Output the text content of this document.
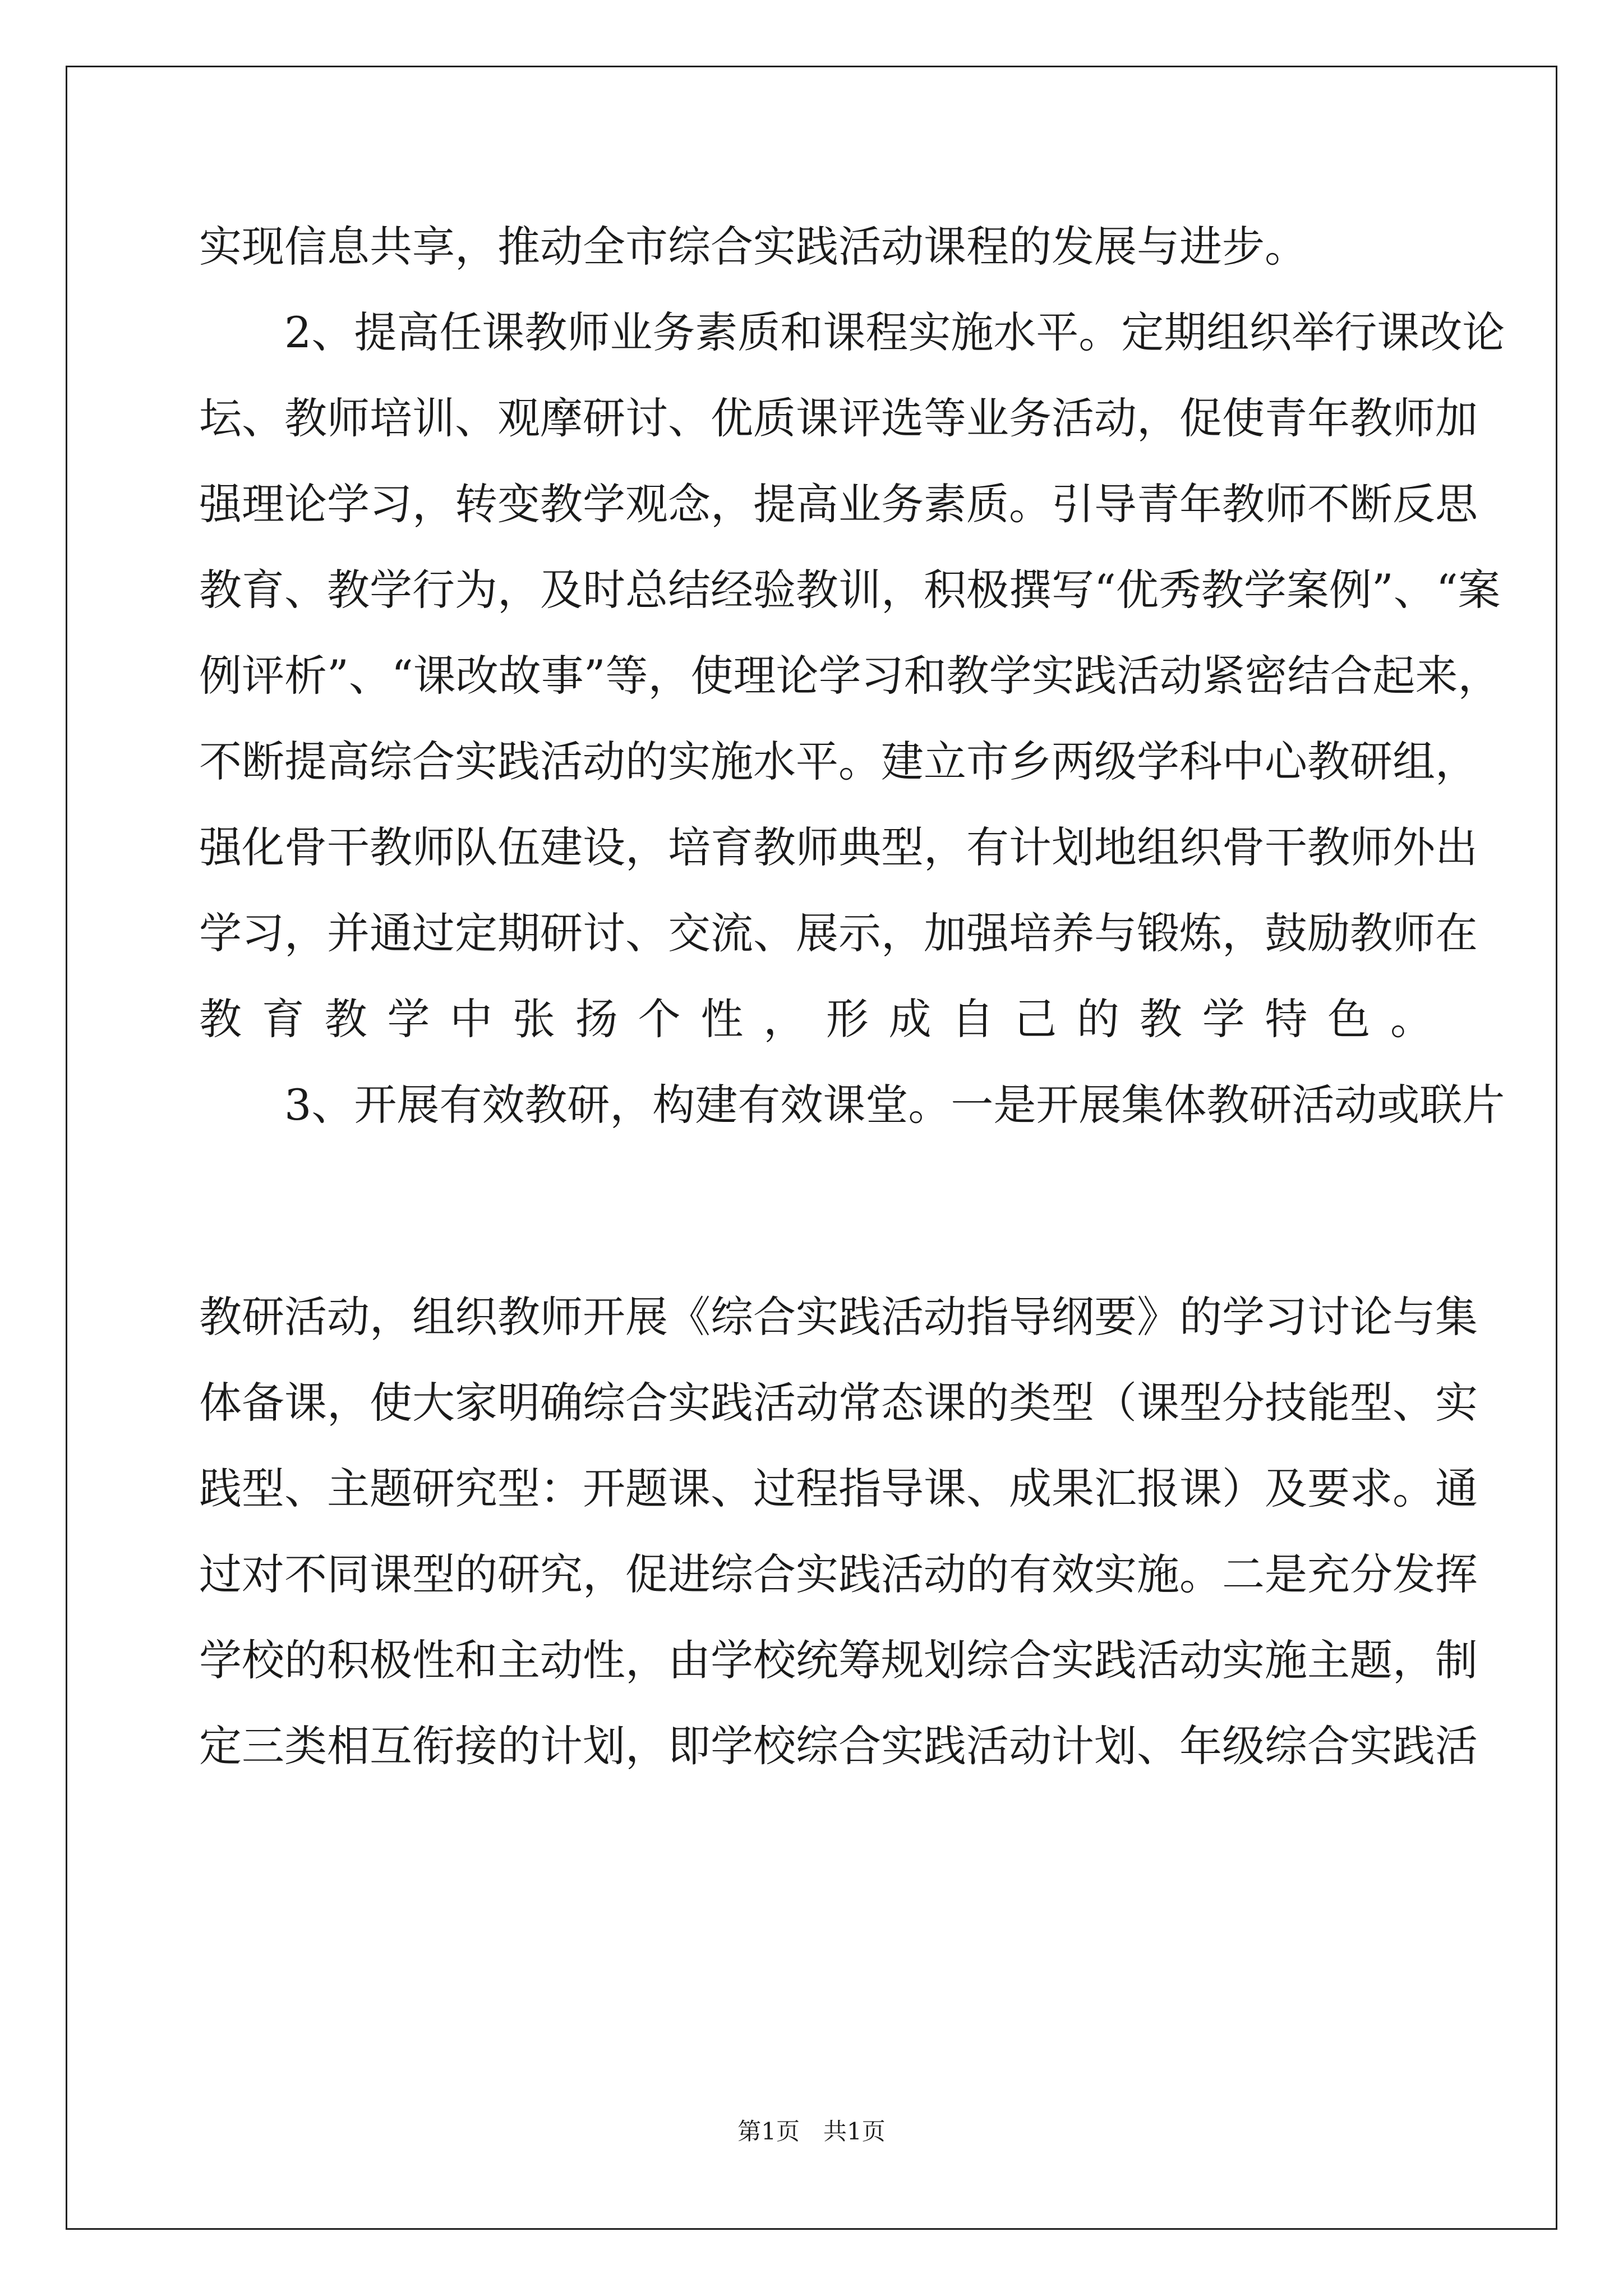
实现信息共享，推动全市综合实践活动课程的发展与进步。
　　2、提高任课教师业务素质和课程实施水平。定期组织举行课改论
坛、教师培训、观摩研讨、优质课评选等业务活动，促使青年教师加
强理论学习，转变教学观念，提高业务素质。引导青年教师不断反思
教育、教学行为，及时总结经验教训，积极撰写“优秀教学案例”、“案
例评析”、“课改故事”等，使理论学习和教学实践活动紧密结合起来，
不断提高综合实践活动的实施水平。建立市乡两级学科中心教研组，
强化骨干教师队伍建设，培育教师典型，有计划地组织骨干教师外出
学习，并通过定期研讨、交流、展示，加强培养与锻炼，鼓励教师在
教育教学中张扬个性，形成自己的教学特色。
　　3、开展有效教研，构建有效课堂。一是开展集体教研活动或联片
教研活动，组织教师开展《综合实践活动指导纲要》的学习讨论与集
体备课，使大家明确综合实践活动常态课的类型（课型分技能型、实
践型、主题研究型：开题课、过程指导课、成果汇报课）及要求。通
过对不同课型的研究，促进综合实践活动的有效实施。二是充分发挥
学校的积极性和主动性，由学校统筹规划综合实践活动实施主题，制
定三类相互衔接的计划，即学校综合实践活动计划、年级综合实践活
第1页　共1页
